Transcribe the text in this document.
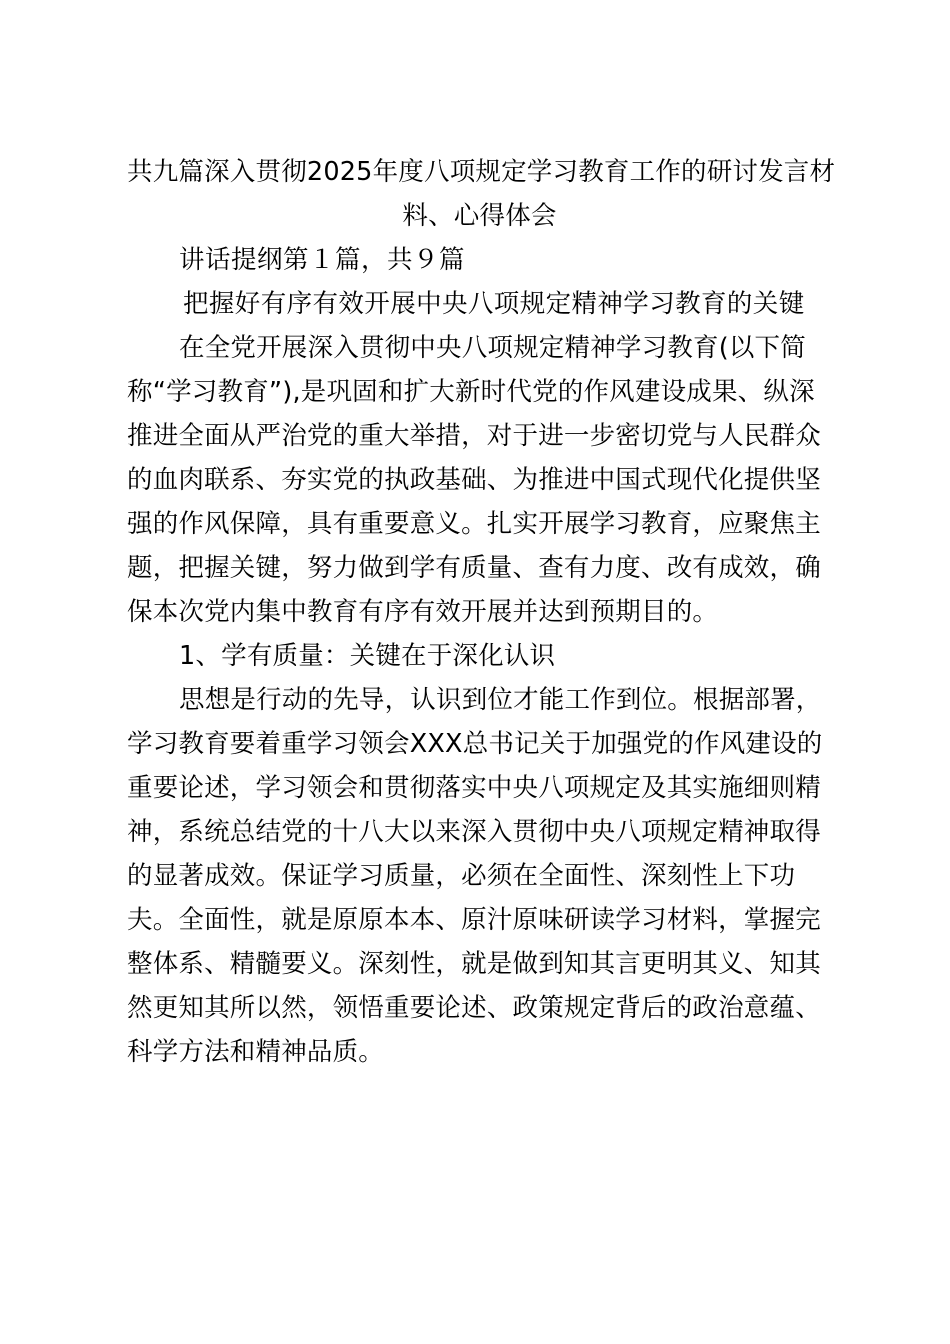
共九篇深入贯彻2025年度八项规定学习教育工作的研讨发言材
料、心得体会

讲话提纲第１篇，共９篇

把握好有序有效开展中央八项规定精神学习教育的关键

在全党开展深入贯彻中央八项规定精神学习教育(以下简
称“学习教育”),是巩固和扩大新时代党的作风建设成果、纵深
推进全面从严治党的重大举措，对于进一步密切党与人民群众
的血肉联系、夯实党的执政基础、为推进中国式现代化提供坚
强的作风保障，具有重要意义。扎实开展学习教育，应聚焦主
题，把握关键，努力做到学有质量、查有力度、改有成效，确
保本次党内集中教育有序有效开展并达到预期目的。

1、学有质量：关键在于深化认识

思想是行动的先导，认识到位才能工作到位。根据部署，
学习教育要着重学习领会XXX总书记关于加强党的作风建设的
重要论述，学习领会和贯彻落实中央八项规定及其实施细则精
神，系统总结党的十八大以来深入贯彻中央八项规定精神取得
的显著成效。保证学习质量，必须在全面性、深刻性上下功
夫。全面性，就是原原本本、原汁原味研读学习材料，掌握完
整体系、精髓要义。深刻性，就是做到知其言更明其义、知其
然更知其所以然，领悟重要论述、政策规定背后的政治意蕴、
科学方法和精神品质。
